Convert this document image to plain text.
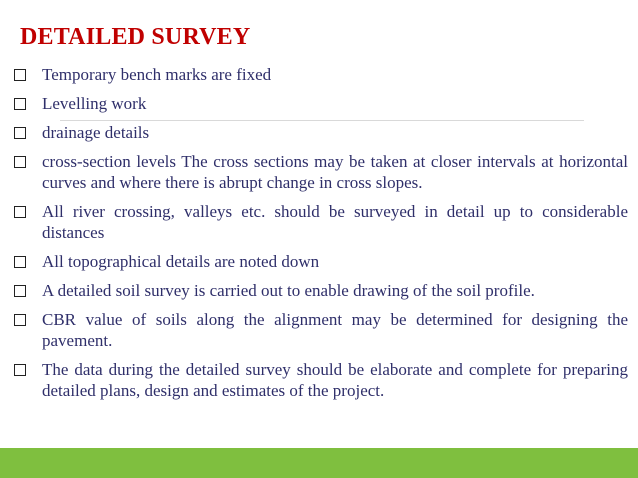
DETAILED SURVEY
Temporary bench marks are fixed
Levelling work
drainage details
cross-section levels The cross sections may be taken at closer intervals at horizontal curves and where there is abrupt change in cross slopes.
All river crossing, valleys etc. should be surveyed in detail up to considerable distances
All topographical details are noted down
A detailed soil survey is carried out to enable drawing of the soil profile.
CBR value of soils along the alignment may be determined for designing the pavement.
The data during the detailed survey should be elaborate and complete for preparing detailed plans, design and estimates of the project.
